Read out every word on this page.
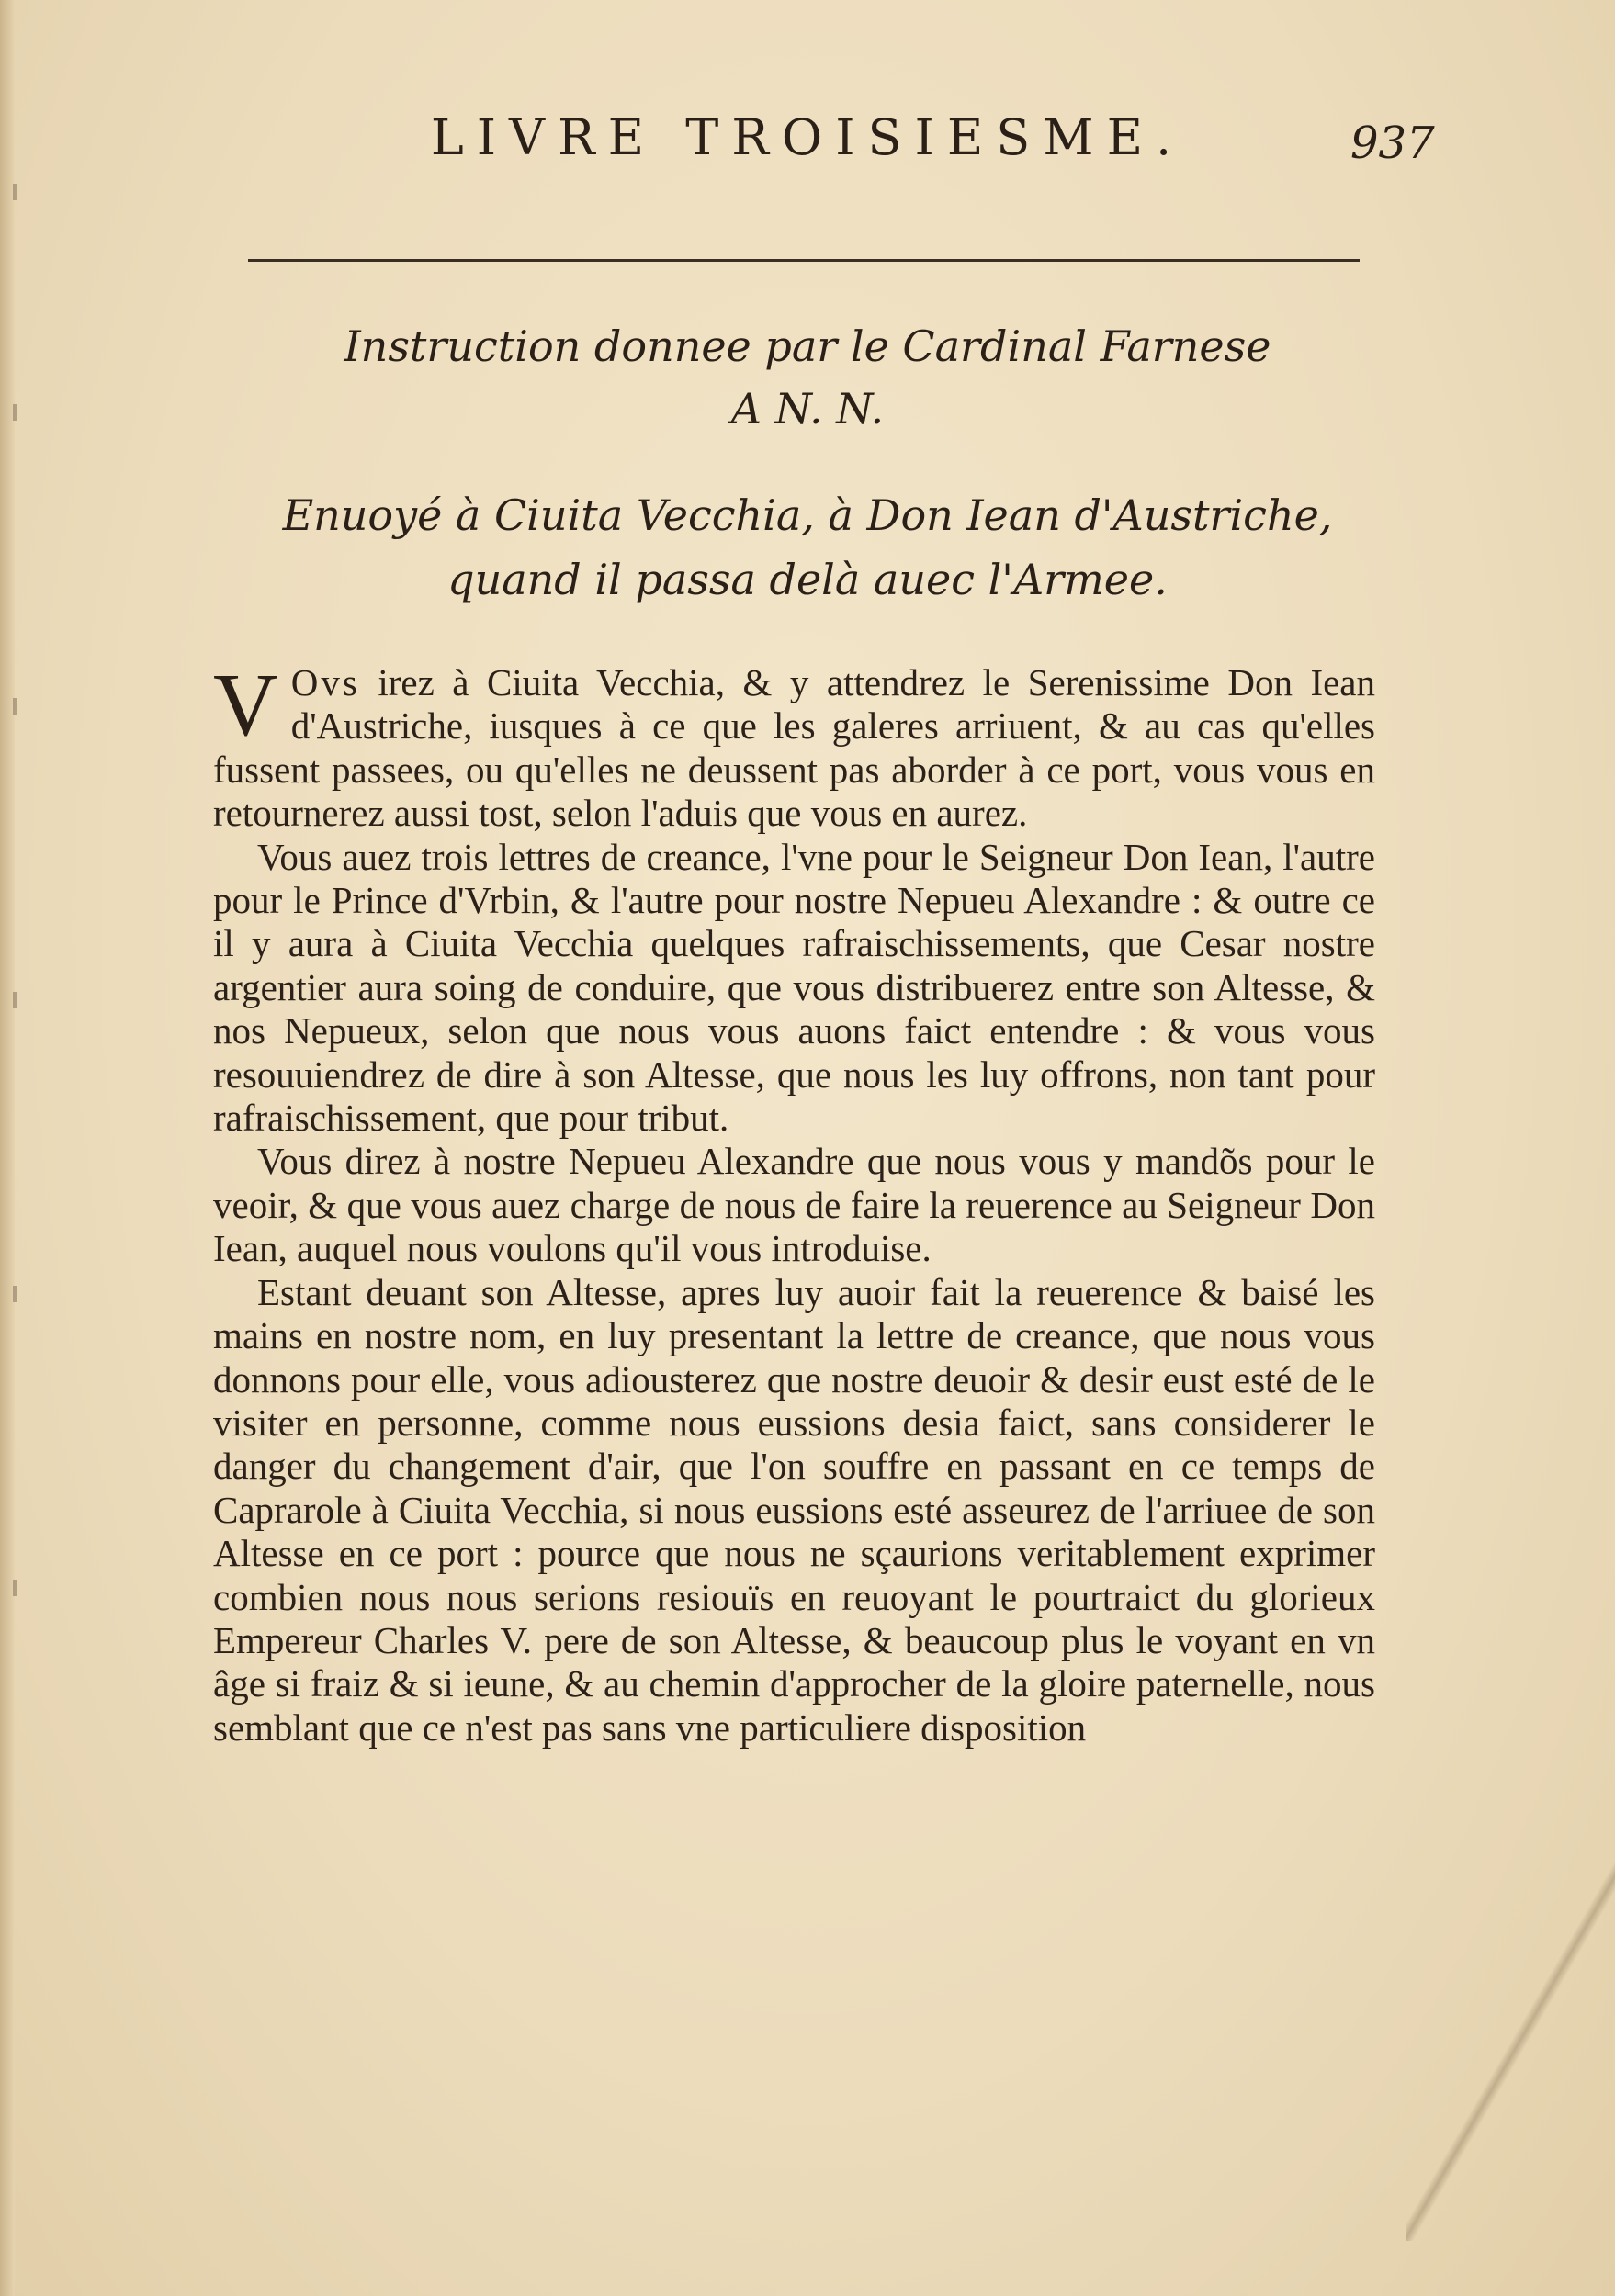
LIVRE TROISIESME.	937
Instruction donnee par le Cardinal Farnese
A N. N.
Enuoyé à Ciuita Vecchia, à Don Iean d'Austriche,
quand il passa delà auec l'Armee.

V Ovs irez à Ciuita Vecchia, & y attendrez le Serenissime Don Iean d'Austriche, iusques à ce que les galeres arriuent, & au cas qu'elles fussent passees, ou qu'elles ne deussent pas aborder à ce port, vous vous en retournerez aussi tost, selon l'aduis que vous en aurez.

Vous auez trois lettres de creance, l'vne pour le Seigneur Don Iean, l'autre pour le Prince d'Vrbin, & l'autre pour nostre Nepueu Alexandre : & outre ce il y aura à Ciuita Vecchia quelques rafraischissements, que Cesar nostre argentier aura soing de conduire, que vous distribuerez entre son Altesse, & nos Nepueux, selon que nous vous auons faict entendre : & vous vous resouuiendrez de dire à son Altesse, que nous les luy offrons, non tant pour rafraischissement, que pour tribut.

Vous direz à nostre Nepueu Alexandre que nous vous y mandõs pour le veoir, & que vous auez charge de nous de faire la reuerence au Seigneur Don Iean, auquel nous voulons qu'il vous introduise.

Estant deuant son Altesse, apres luy auoir fait la reuerence & baisé les mains en nostre nom, en luy presentant la lettre de creance, que nous vous donnons pour elle, vous adiousterez que nostre deuoir & desir eust esté de le visiter en personne, comme nous eussions desia faict, sans considerer le danger du changement d'air, que l'on souffre en passant en ce temps de Caprarole à Ciuita Vecchia, si nous eussions esté asseurez de l'arriuee de son Altesse en ce port : pource que nous ne sçaurions veritablement exprimer combien nous nous serions resiouïs en reuoyant le pourtraict du glorieux Empereur Charles V. pere de son Altesse, & beaucoup plus le voyant en vn âge si fraiz & si ieune, & au chemin d'approcher de la gloire paternelle, nous semblant que ce n'est pas sans vne particuliere disposition
